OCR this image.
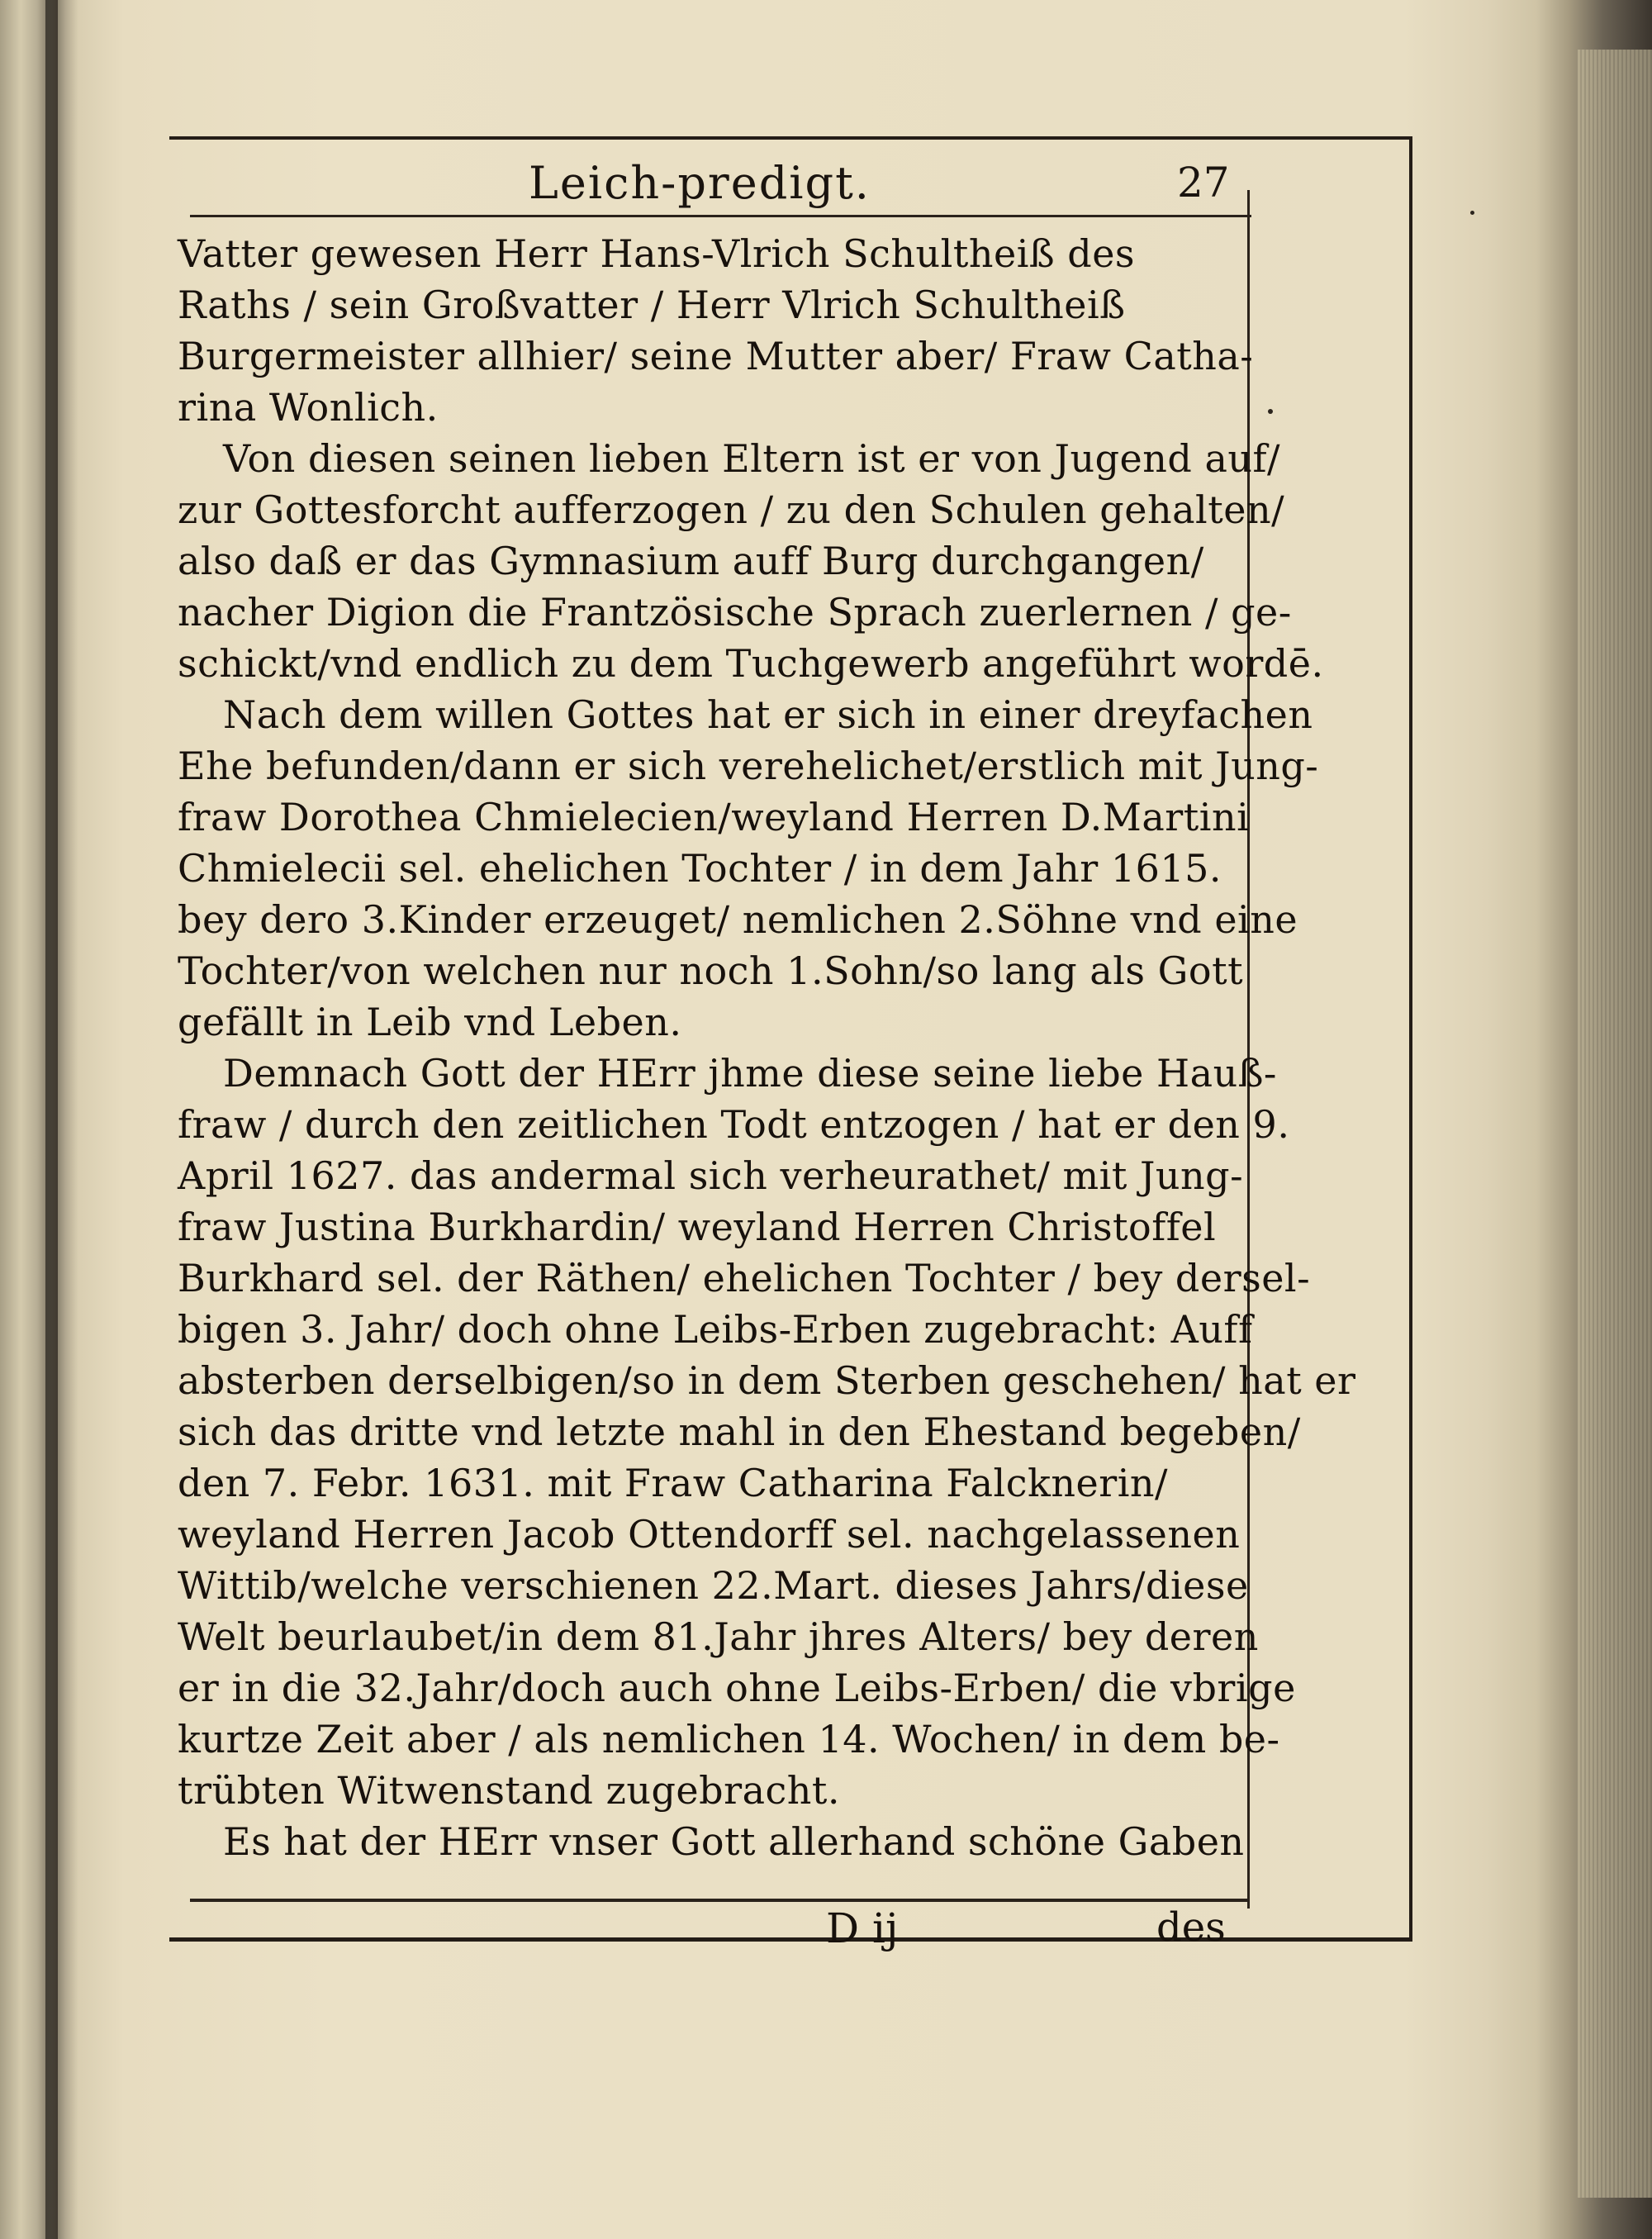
Leich-predigt.	27
Vatter gewesen Herr Hans-Vlrich Schultheiß des
Raths / sein Großvatter / Herr Vlrich Schultheiß
Burgermeister allhier/ seine Mutter aber/ Fraw Catha-
rina Wonlich.
Von diesen seinen lieben Eltern ist er von Jugend auf/
zur Gottesforcht aufferzogen / zu den Schulen gehalten/
also daß er das Gymnasium auff Burg durchgangen/
nacher Digion die Frantzösische Sprach zuerlernen / ge-
schickt/vnd endlich zu dem Tuchgewerb angeführt wordē.
Nach dem willen Gottes hat er sich in einer dreyfachen
Ehe befunden/dann er sich verehelichet/erstlich mit Jung-
fraw Dorothea Chmielecien/weyland Herren D.Martini
Chmielecii sel. ehelichen Tochter / in dem Jahr 1615.
bey dero 3.Kinder erzeuget/ nemlichen 2.Söhne vnd eine
Tochter/von welchen nur noch 1.Sohn/so lang als Gott
gefällt in Leib vnd Leben.
Demnach Gott der HErr jhme diese seine liebe Hauß-
fraw / durch den zeitlichen Todt entzogen / hat er den 9.
April 1627. das andermal sich verheurathet/ mit Jung-
fraw Justina Burkhardin/ weyland Herren Christoffel
Burkhard sel. der Räthen/ ehelichen Tochter / bey dersel-
bigen 3. Jahr/ doch ohne Leibs-Erben zugebracht: Auff
absterben derselbigen/so in dem Sterben geschehen/ hat er
sich das dritte vnd letzte mahl in den Ehestand begeben/
den 7. Febr. 1631. mit Fraw Catharina Falcknerin/
weyland Herren Jacob Ottendorff sel. nachgelassenen
Wittib/welche verschienen 22.Mart. dieses Jahrs/diese
Welt beurlaubet/in dem 81.Jahr jhres Alters/ bey deren
er in die 32.Jahr/doch auch ohne Leibs-Erben/ die vbrige
kurtze Zeit aber / als nemlichen 14. Wochen/ in dem be-
trübten Witwenstand zugebracht.
Es hat der HErr vnser Gott allerhand schöne Gaben
D ij	des
